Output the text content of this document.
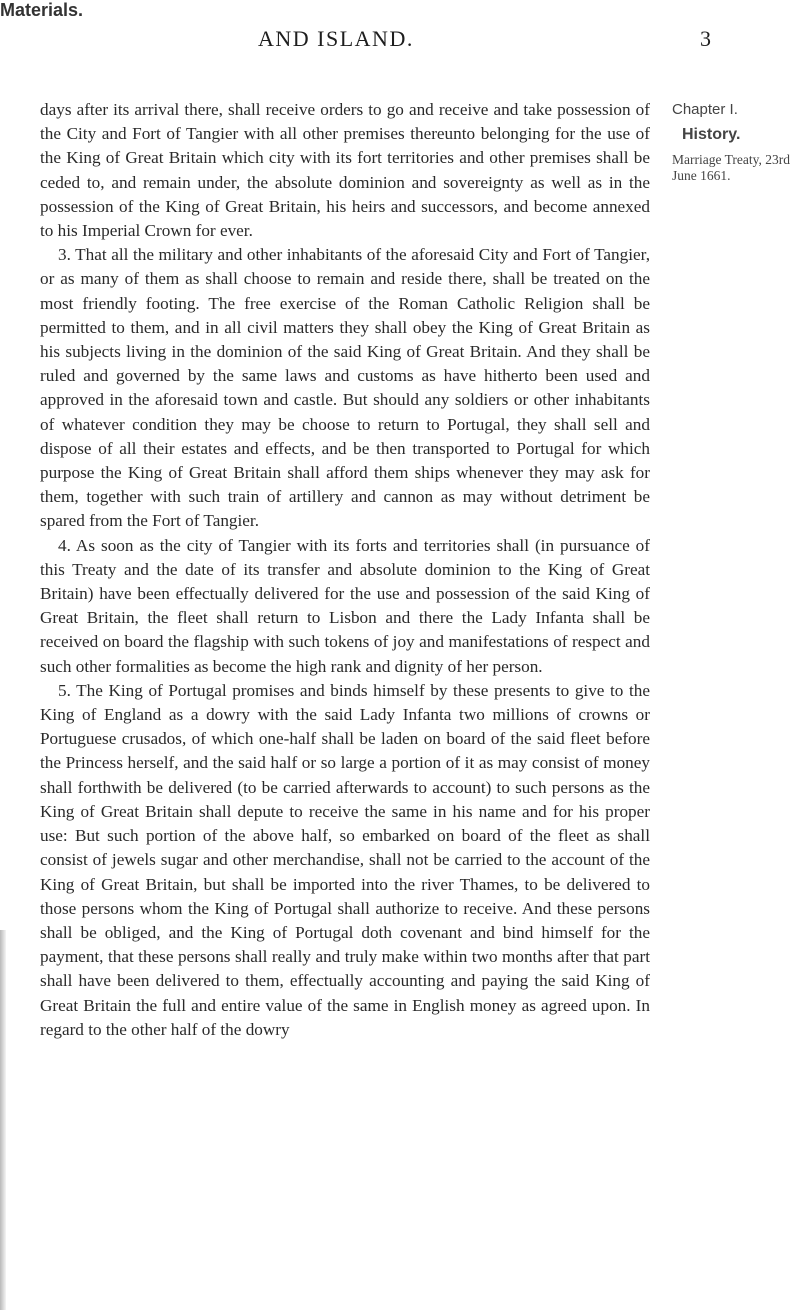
Materials.
AND ISLAND.	3

days after its arrival there, shall receive orders to go and receive and take possession of the City and Fort of Tangier with all other premises thereunto belonging for the use of the King of Great Britain which city with its fort territories and other premises shall be ceded to, and remain under, the absolute dominion and sovereignty as well as in the possession of the King of Great Britain, his heirs and successors, and become annexed to his Imperial Crown for ever.

3. That all the military and other inhabitants of the aforesaid City and Fort of Tangier, or as many of them as shall choose to remain and reside there, shall be treated on the most friendly footing. The free exercise of the Roman Catholic Religion shall be permitted to them, and in all civil matters they shall obey the King of Great Britain as his subjects living in the dominion of the said King of Great Britain. And they shall be ruled and governed by the same laws and customs as have hitherto been used and approved in the aforesaid town and castle. But should any soldiers or other inhabitants of whatever condition they may be choose to return to Portugal, they shall sell and dispose of all their estates and effects, and be then transported to Portugal for which purpose the King of Great Britain shall afford them ships whenever they may ask for them, together with such train of artillery and cannon as may without detriment be spared from the Fort of Tangier.

4. As soon as the city of Tangier with its forts and territories shall (in pursuance of this Treaty and the date of its transfer and absolute dominion to the King of Great Britain) have been effectually delivered for the use and possession of the said King of Great Britain, the fleet shall return to Lisbon and there the Lady Infanta shall be received on board the flagship with such tokens of joy and manifestations of respect and such other formalities as become the high rank and dignity of her person.

5. The King of Portugal promises and binds himself by these presents to give to the King of England as a dowry with the said Lady Infanta two millions of crowns or Portuguese crusados, of which one-half shall be laden on board of the said fleet before the Princess herself, and the said half or so large a portion of it as may consist of money shall forthwith be delivered (to be carried afterwards to account) to such persons as the King of Great Britain shall depute to receive the same in his name and for his proper use: But such portion of the above half, so embarked on board of the fleet as shall consist of jewels sugar and other merchandise, shall not be carried to the account of the King of Great Britain, but shall be imported into the river Thames, to be delivered to those persons whom the King of Portugal shall authorize to receive. And these persons shall be obliged, and the King of Portugal doth covenant and bind himself for the payment, that these persons shall really and truly make within two months after that part shall have been delivered to them, effectually accounting and paying the said King of Great Britain the full and entire value of the same in English money as agreed upon. In regard to the other half of the dowry

Chapter I.
History.
Marriage Treaty, 23rd June 1661.
